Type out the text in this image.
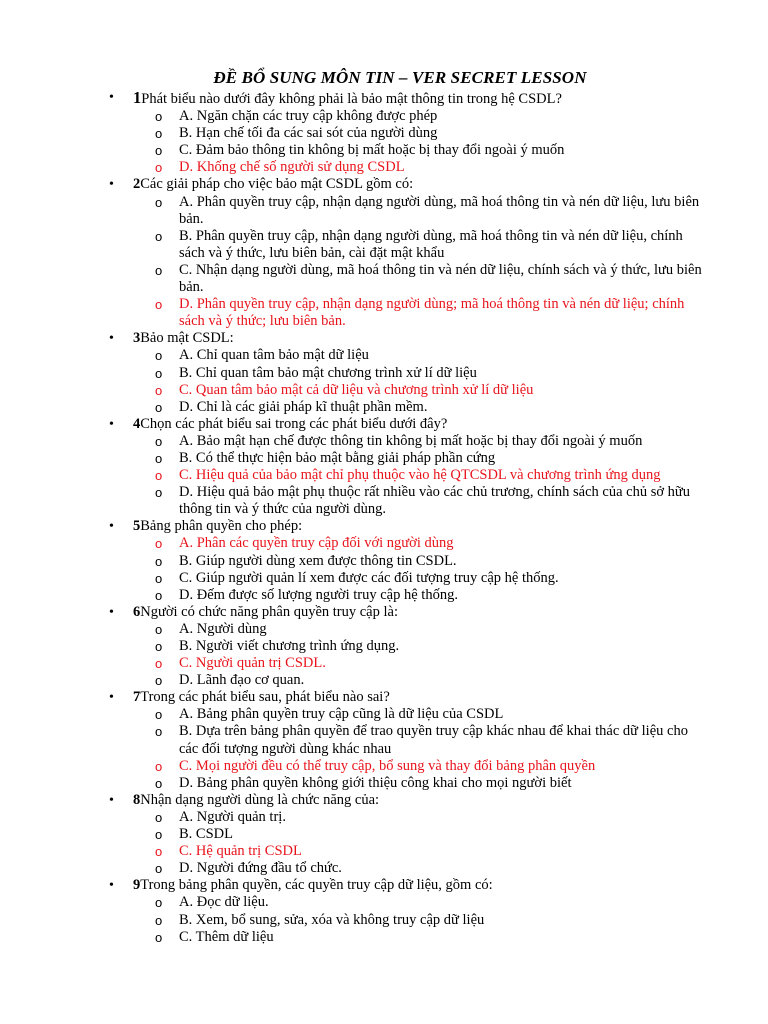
ĐỀ BỔ SUNG MÔN TIN – VER SECRET LESSON
• 1Phát biểu nào dưới đây không phải là bảo mật thông tin trong hệ CSDL?
o A. Ngăn chặn các truy cập không được phép
o B. Hạn chế tối đa các sai sót của người dùng
o C. Đảm bảo thông tin không bị mất hoặc bị thay đổi ngoài ý muốn
o D. Khống chế số người sử dụng CSDL
• 2Các giải pháp cho việc bảo mật CSDL gồm có:
o A. Phân quyền truy cập, nhận dạng người dùng, mã hoá thông tin và nén dữ liệu, lưu biên bản.
o B. Phân quyền truy cập, nhận dạng người dùng, mã hoá thông tin và nén dữ liệu, chính sách và ý thức, lưu biên bản, cài đặt mật khẩu
o C. Nhận dạng người dùng, mã hoá thông tin và nén dữ liệu, chính sách và ý thức, lưu biên bản.
o D. Phân quyền truy cập, nhận dạng người dùng; mã hoá thông tin và nén dữ liệu; chính sách và ý thức; lưu biên bản.
• 3Bảo mật CSDL:
o A. Chỉ quan tâm bảo mật dữ liệu
o B. Chỉ quan tâm bảo mật chương trình xử lí dữ liệu
o C. Quan tâm bảo mật cả dữ liệu và chương trình xử lí dữ liệu
o D. Chỉ là các giải pháp kĩ thuật phần mềm.
• 4Chọn các phát biểu sai trong các phát biểu dưới đây?
o A. Bảo mật hạn chế được thông tin không bị mất hoặc bị thay đổi ngoài ý muốn
o B. Có thể thực hiện bảo mật bằng giải pháp phần cứng
o C. Hiệu quả của bảo mật chỉ phụ thuộc vào hệ QTCSDL và chương trình ứng dụng
o D. Hiệu quả bảo mật phụ thuộc rất nhiều vào các chủ trương, chính sách của chủ sở hữu thông tin và ý thức của người dùng.
• 5Bảng phân quyền cho phép:
o A. Phân các quyền truy cập đối với người dùng
o B. Giúp người dùng xem được thông tin CSDL.
o C. Giúp người quản lí xem được các đối tượng truy cập hệ thống.
o D. Đếm được số lượng người truy cập hệ thống.
• 6Người có chức năng phân quyền truy cập là:
o A. Người dùng
o B. Người viết chương trình ứng dụng.
o C. Người quản trị CSDL.
o D. Lãnh đạo cơ quan.
• 7Trong các phát biểu sau, phát biểu nào sai?
o A. Bảng phân quyền truy cập cũng là dữ liệu của CSDL
o B. Dựa trên bảng phân quyền để trao quyền truy cập khác nhau để khai thác dữ liệu cho các đối tượng người dùng khác nhau
o C. Mọi người đều có thể truy cập, bổ sung và thay đổi bảng phân quyền
o D. Bảng phân quyền không giới thiệu công khai cho mọi người biết
• 8Nhận dạng người dùng là chức năng của:
o A. Người quản trị.
o B. CSDL
o C. Hệ quản trị CSDL
o D. Người đứng đầu tổ chức.
• 9Trong bảng phân quyền, các quyền truy cập dữ liệu, gồm có:
o A. Đọc dữ liệu.
o B. Xem, bổ sung, sửa, xóa và không truy cập dữ liệu
o C. Thêm dữ liệu
